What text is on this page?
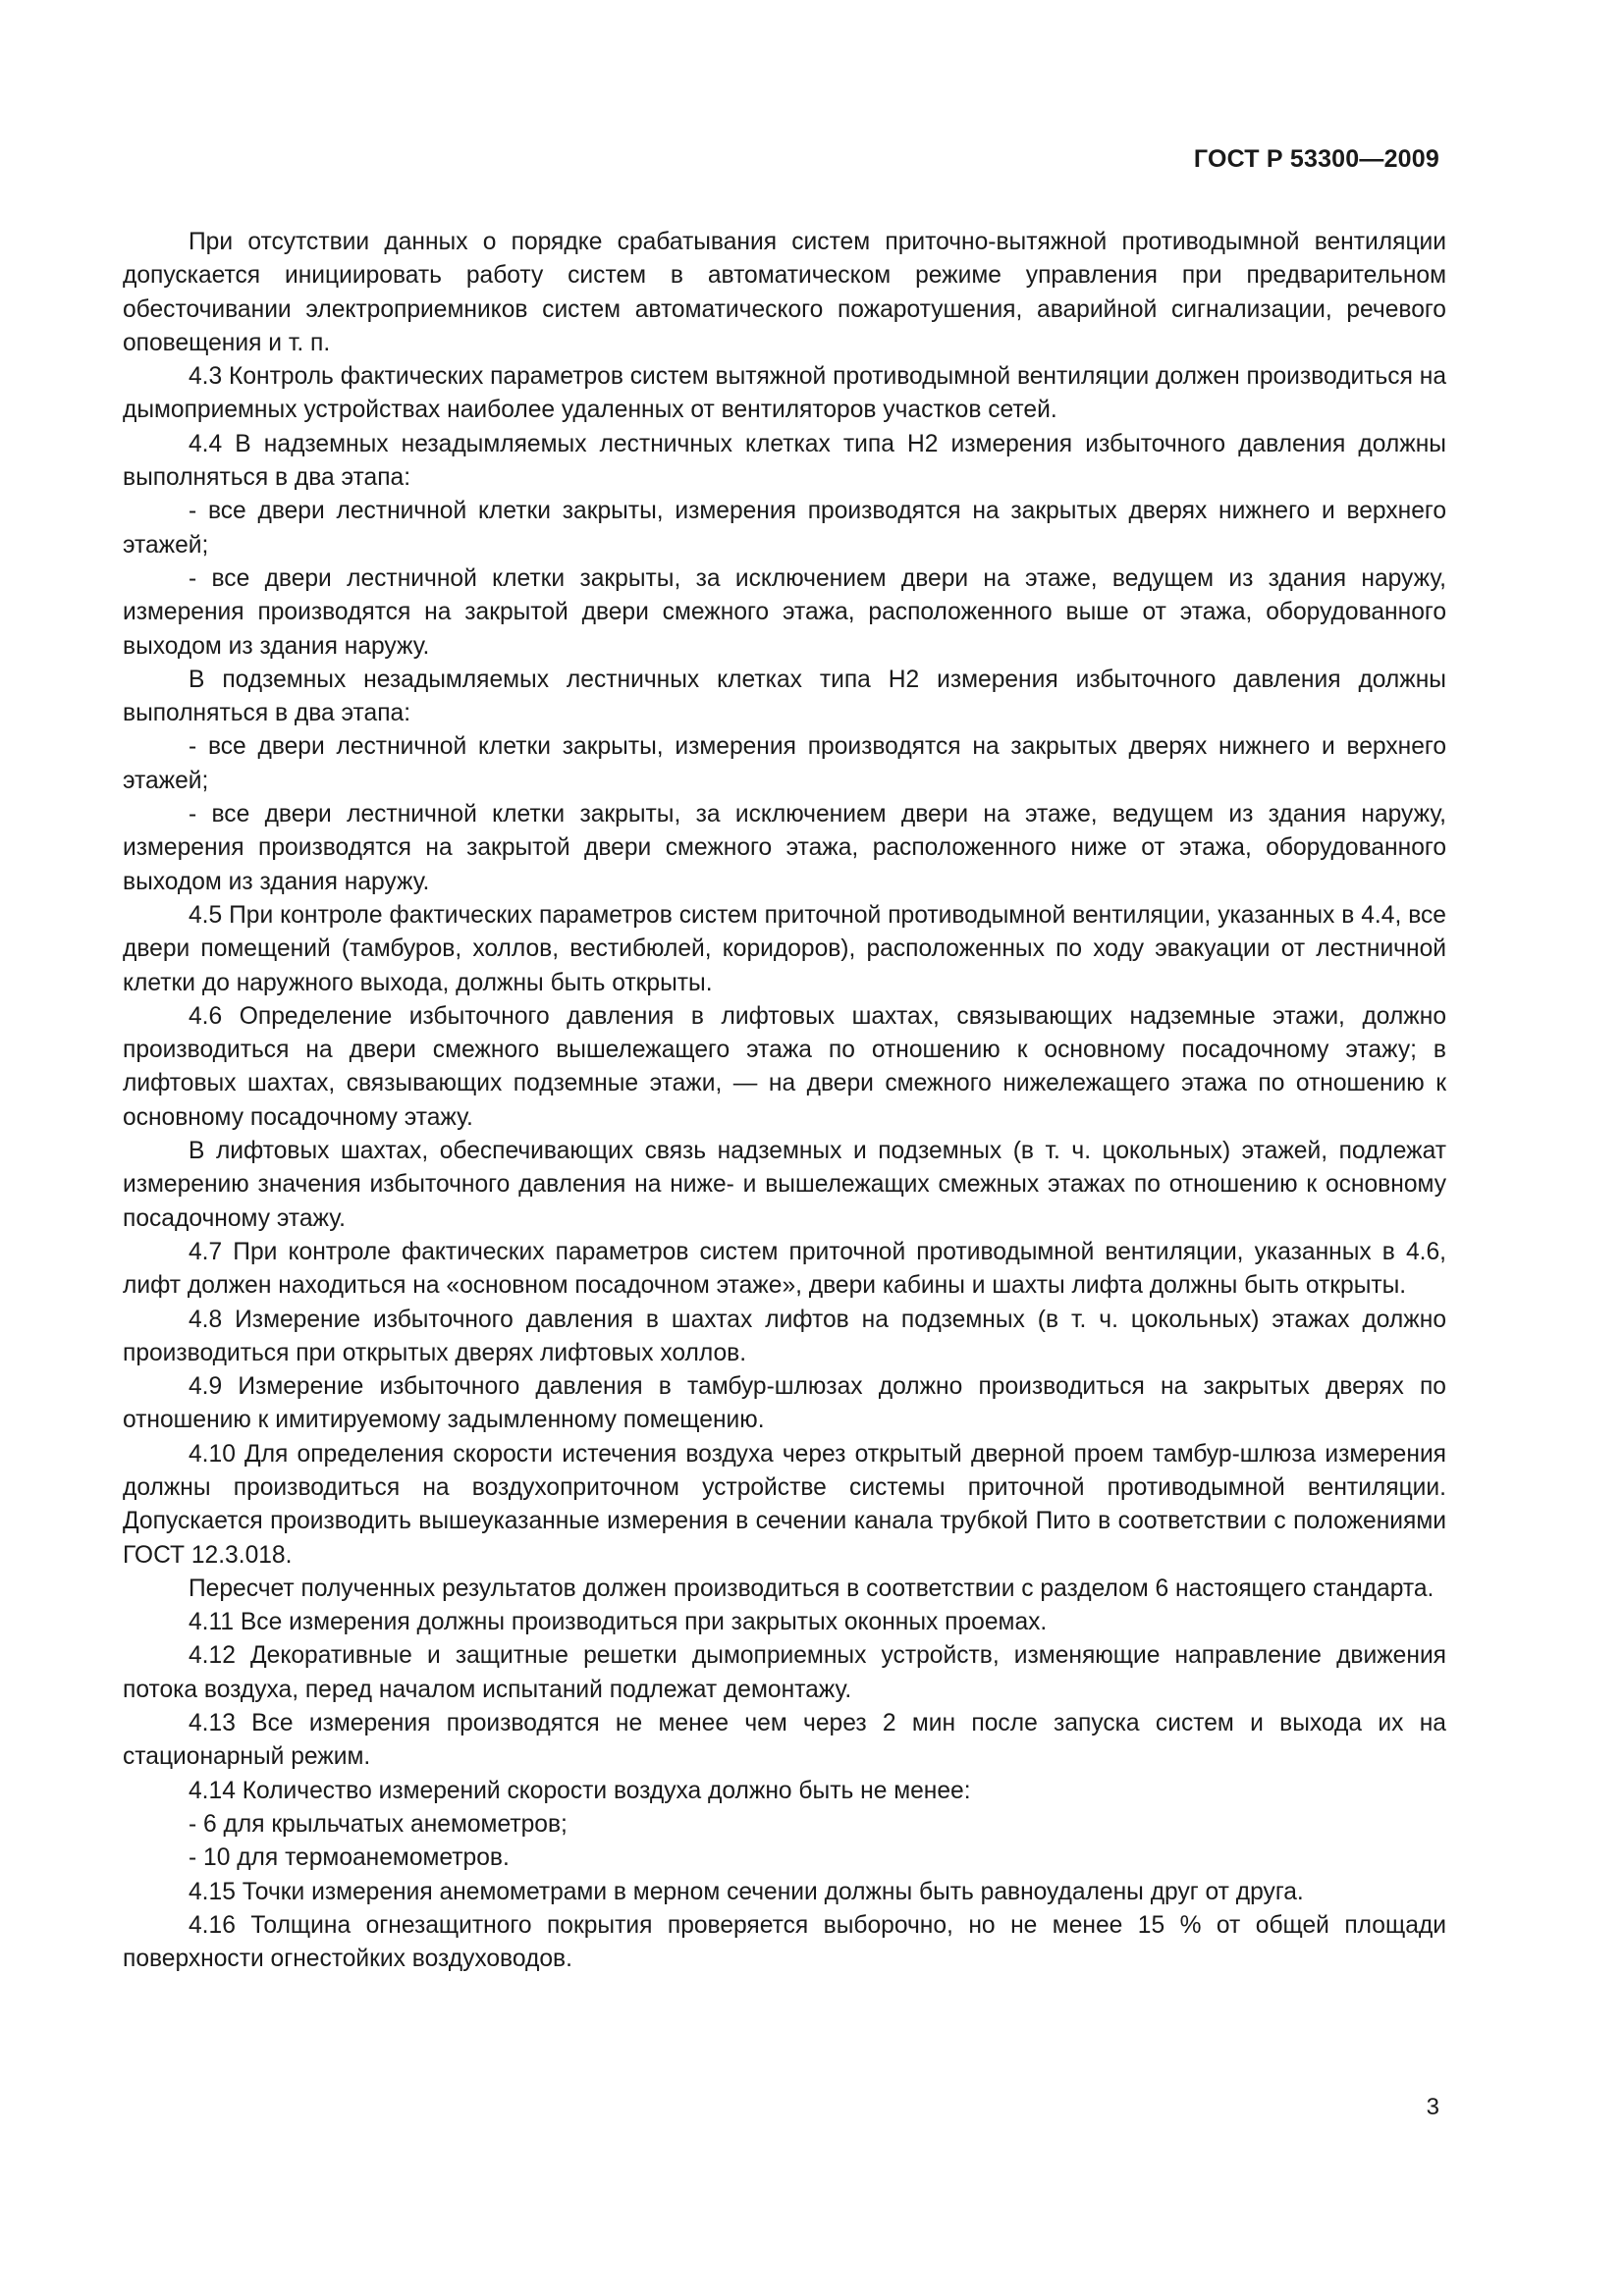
ГОСТ Р 53300—2009

При отсутствии данных о порядке срабатывания систем приточно-вытяжной противодымной вентиляции допускается инициировать работу систем в автоматическом режиме управления при предварительном обесточивании электроприемников систем автоматического пожаротушения, аварийной сигнализации, речевого оповещения и т. п.

4.3 Контроль фактических параметров систем вытяжной противодымной вентиляции должен производиться на дымоприемных устройствах наиболее удаленных от вентиляторов участков сетей.

4.4 В надземных незадымляемых лестничных клетках типа Н2 измерения избыточного давления должны выполняться в два этапа:

- все двери лестничной клетки закрыты, измерения производятся на закрытых дверях нижнего и верхнего этажей;

- все двери лестничной клетки закрыты, за исключением двери на этаже, ведущем из здания наружу, измерения производятся на закрытой двери смежного этажа, расположенного выше от этажа, оборудованного выходом из здания наружу.

В подземных незадымляемых лестничных клетках типа Н2 измерения избыточного давления должны выполняться в два этапа:

- все двери лестничной клетки закрыты, измерения производятся на закрытых дверях нижнего и верхнего этажей;

- все двери лестничной клетки закрыты, за исключением двери на этаже, ведущем из здания наружу, измерения производятся на закрытой двери смежного этажа, расположенного ниже от этажа, оборудованного выходом из здания наружу.

4.5 При контроле фактических параметров систем приточной противодымной вентиляции, указанных в 4.4, все двери помещений (тамбуров, холлов, вестибюлей, коридоров), расположенных по ходу эвакуации от лестничной клетки до наружного выхода, должны быть открыты.

4.6 Определение избыточного давления в лифтовых шахтах, связывающих надземные этажи, должно производиться на двери смежного вышележащего этажа по отношению к основному посадочному этажу; в лифтовых шахтах, связывающих подземные этажи, — на двери смежного нижележащего этажа по отношению к основному посадочному этажу.

В лифтовых шахтах, обеспечивающих связь надземных и подземных (в т. ч. цокольных) этажей, подлежат измерению значения избыточного давления на ниже- и вышележащих смежных этажах по отношению к основному посадочному этажу.

4.7 При контроле фактических параметров систем приточной противодымной вентиляции, указанных в 4.6, лифт должен находиться на «основном посадочном этаже», двери кабины и шахты лифта должны быть открыты.

4.8 Измерение избыточного давления в шахтах лифтов на подземных (в т. ч. цокольных) этажах должно производиться при открытых дверях лифтовых холлов.

4.9 Измерение избыточного давления в тамбур-шлюзах должно производиться на закрытых дверях по отношению к имитируемому задымленному помещению.

4.10 Для определения скорости истечения воздуха через открытый дверной проем тамбур-шлюза измерения должны производиться на воздухоприточном устройстве системы приточной противодымной вентиляции. Допускается производить вышеуказанные измерения в сечении канала трубкой Пито в соответствии с положениями ГОСТ 12.3.018.

Пересчет полученных результатов должен производиться в соответствии с разделом 6 настоящего стандарта.

4.11 Все измерения должны производиться при закрытых оконных проемах.

4.12 Декоративные и защитные решетки дымоприемных устройств, изменяющие направление движения потока воздуха, перед началом испытаний подлежат демонтажу.

4.13 Все измерения производятся не менее чем через 2 мин после запуска систем и выхода их на стационарный режим.

4.14 Количество измерений скорости воздуха должно быть не менее:

- 6 для крыльчатых анемометров;

- 10 для термоанемометров.

4.15 Точки измерения анемометрами в мерном сечении должны быть равноудалены друг от друга.

4.16 Толщина огнезащитного покрытия проверяется выборочно, но не менее 15 % от общей площади поверхности огнестойких воздуховодов.

3
